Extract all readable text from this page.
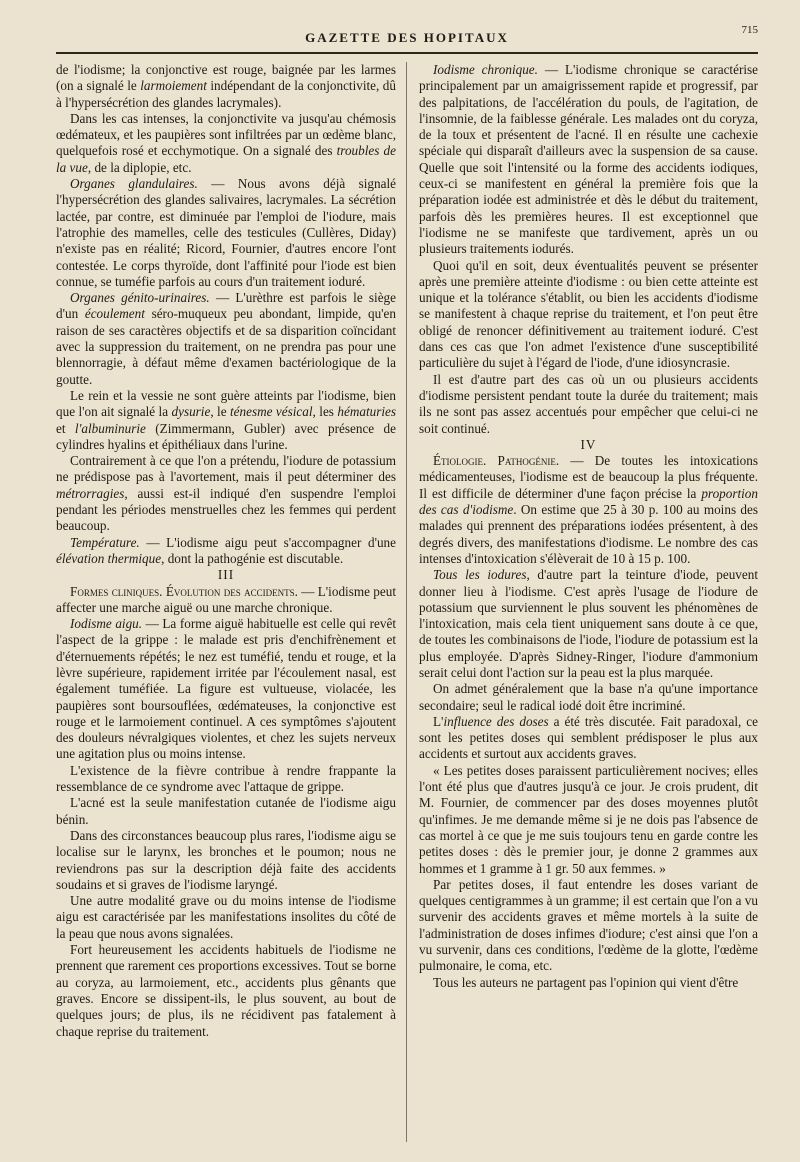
GAZETTE DES HOPITAUX	715

de l'iodisme; la conjonctive est rouge, baignée par les larmes (on a signalé le larmoiement indépendant de la conjonctivite, dû à l'hypersécrétion des glandes lacrymales).

Dans les cas intenses, la conjonctivite va jusqu'au chémosis œdémateux, et les paupières sont infiltrées par un œdème blanc, quelquefois rosé et ecchymotique. On a signalé des troubles de la vue, de la diplopie, etc.

Organes glandulaires. — Nous avons déjà signalé l'hypersécrétion des glandes salivaires, lacrymales. La sécrétion lactée, par contre, est diminuée par l'emploi de l'iodure, mais l'atrophie des mamelles, celle des testicules (Cullères, Diday) n'existe pas en réalité; Ricord, Fournier, d'autres encore l'ont contestée. Le corps thyroïde, dont l'affinité pour l'iode est bien connue, se tuméfie parfois au cours d'un traitement ioduré.

Organes génito-urinaires. — L'urèthre est parfois le siège d'un écoulement séro-muqueux peu abondant, limpide, qu'en raison de ses caractères objectifs et de sa disparition coïncidant avec la suppression du traitement, on ne prendra pas pour une blennorragie, à défaut même d'examen bactériologique de la goutte.

Le rein et la vessie ne sont guère atteints par l'iodisme, bien que l'on ait signalé la dysurie, le ténesme vésical, les hématuries et l'albuminurie (Zimmermann, Gubler) avec présence de cylindres hyalins et épithéliaux dans l'urine.

Contrairement à ce que l'on a prétendu, l'iodure de potassium ne prédispose pas à l'avortement, mais il peut déterminer des métrorragies, aussi est-il indiqué d'en suspendre l'emploi pendant les périodes menstruelles chez les femmes qui perdent beaucoup.

Température. — L'iodisme aigu peut s'accompagner d'une élévation thermique, dont la pathogénie est discutable.

III

Formes cliniques. Évolution des accidents. — L'iodisme peut affecter une marche aiguë ou une marche chronique.

Iodisme aigu. — La forme aiguë habituelle est celle qui revêt l'aspect de la grippe : le malade est pris d'enchifrènement et d'éternuements répétés; le nez est tuméfié, tendu et rouge, et la lèvre supérieure, rapidement irritée par l'écoulement nasal, est également tuméfiée. La figure est vultueuse, violacée, les paupières sont boursouflées, œdémateuses, la conjonctive est rouge et le larmoiement continuel. A ces symptômes s'ajoutent des douleurs névralgiques violentes, et chez les sujets nerveux une agitation plus ou moins intense.

L'existence de la fièvre contribue à rendre frappante la ressemblance de ce syndrome avec l'attaque de grippe.

L'acné est la seule manifestation cutanée de l'iodisme aigu bénin.

Dans des circonstances beaucoup plus rares, l'iodisme aigu se localise sur le larynx, les bronches et le poumon; nous ne reviendrons pas sur la description déjà faite des accidents soudains et si graves de l'iodisme laryngé.

Une autre modalité grave ou du moins intense de l'iodisme aigu est caractérisée par les manifestations insolites du côté de la peau que nous avons signalées.

Fort heureusement les accidents habituels de l'iodisme ne prennent que rarement ces proportions excessives. Tout se borne au coryza, au larmoiement, etc., accidents plus gênants que graves. Encore se dissipent-ils, le plus souvent, au bout de quelques jours; de plus, ils ne récidivent pas fatalement à chaque reprise du traitement.

Iodisme chronique. — L'iodisme chronique se caractérise principalement par un amaigrissement rapide et progressif, par des palpitations, de l'accélération du pouls, de l'agitation, de l'insomnie, de la faiblesse générale. Les malades ont du coryza, de la toux et présentent de l'acné. Il en résulte une cachexie spéciale qui disparaît d'ailleurs avec la suspension de sa cause. Quelle que soit l'intensité ou la forme des accidents iodiques, ceux-ci se manifestent en général la première fois que la préparation iodée est administrée et dès le début du traitement, parfois dès les premières heures. Il est exceptionnel que l'iodisme ne se manifeste que tardivement, après un ou plusieurs traitements iodurés.

Quoi qu'il en soit, deux éventualités peuvent se présenter après une première atteinte d'iodisme : ou bien cette atteinte est unique et la tolérance s'établit, ou bien les accidents d'iodisme se manifestent à chaque reprise du traitement, et l'on peut être obligé de renoncer définitivement au traitement ioduré. C'est dans ces cas que l'on admet l'existence d'une susceptibilité particulière du sujet à l'égard de l'iode, d'une idiosyncrasie.

Il est d'autre part des cas où un ou plusieurs accidents d'iodisme persistent pendant toute la durée du traitement; mais ils ne sont pas assez accentués pour empêcher que celui-ci ne soit continué.

IV

Étiologie. Pathogénie. — De toutes les intoxications médicamenteuses, l'iodisme est de beaucoup la plus fréquente. Il est difficile de déterminer d'une façon précise la proportion des cas d'iodisme. On estime que 25 à 30 p. 100 au moins des malades qui prennent des préparations iodées présentent, à des degrés divers, des manifestations d'iodisme. Le nombre des cas intenses d'intoxication s'élèverait de 10 à 15 p. 100.

Tous les iodures, d'autre part la teinture d'iode, peuvent donner lieu à l'iodisme. C'est après l'usage de l'iodure de potassium que surviennent le plus souvent les phénomènes de l'intoxication, mais cela tient uniquement sans doute à ce que, de toutes les combinaisons de l'iode, l'iodure de potassium est la plus employée. D'après Sidney-Ringer, l'iodure d'ammonium serait celui dont l'action sur la peau est la plus marquée.

On admet généralement que la base n'a qu'une importance secondaire; seul le radical iodé doit être incriminé.

L'influence des doses a été très discutée. Fait paradoxal, ce sont les petites doses qui semblent prédisposer le plus aux accidents et surtout aux accidents graves.

« Les petites doses paraissent particulièrement nocives; elles l'ont été plus que d'autres jusqu'à ce jour. Je crois prudent, dit M. Fournier, de commencer par des doses moyennes plutôt qu'infimes. Je me demande même si je ne dois pas l'absence de cas mortel à ce que je me suis toujours tenu en garde contre les petites doses : dès le premier jour, je donne 2 grammes aux hommes et 1 gramme à 1 gr. 50 aux femmes. »

Par petites doses, il faut entendre les doses variant de quelques centigrammes à un gramme; il est certain que l'on a vu survenir des accidents graves et même mortels à la suite de l'administration de doses infimes d'iodure; c'est ainsi que l'on a vu survenir, dans ces conditions, l'œdème de la glotte, l'œdème pulmonaire, le coma, etc.

Tous les auteurs ne partagent pas l'opinion qui vient d'être
